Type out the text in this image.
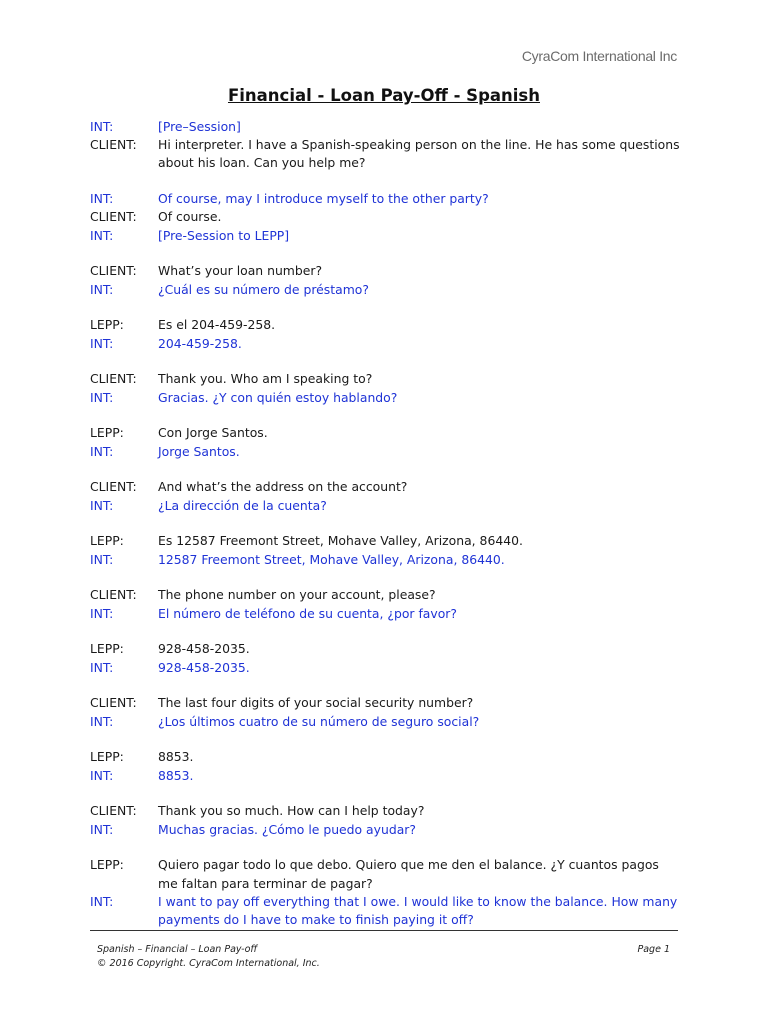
CyraCom International Inc
Financial - Loan Pay-Off - Spanish
INT:	[Pre–Session]
CLIENT:	Hi interpreter. I have a Spanish-speaking person on the line. He has some questions about his loan. Can you help me?
INT:	Of course, may I introduce myself to the other party?
CLIENT:	Of course.
INT:	[Pre-Session to LEPP]
CLIENT:	What’s your loan number?
INT:	¿Cuál es su número de préstamo?
LEPP:	Es el 204-459-258.
INT:	204-459-258.
CLIENT:	Thank you. Who am I speaking to?
INT:	Gracias. ¿Y con quién estoy hablando?
LEPP:	Con Jorge Santos.
INT:	Jorge Santos.
CLIENT:	And what’s the address on the account?
INT:	¿La dirección de la cuenta?
LEPP:	Es 12587 Freemont Street, Mohave Valley, Arizona, 86440.
INT:	12587 Freemont Street, Mohave Valley, Arizona, 86440.
CLIENT:	The phone number on your account, please?
INT:	El número de teléfono de su cuenta, ¿por favor?
LEPP:	928-458-2035.
INT:	928-458-2035.
CLIENT:	The last four digits of your social security number?
INT:	¿Los últimos cuatro de su número de seguro social?
LEPP:	8853.
INT:	8853.
CLIENT:	Thank you so much. How can I help today?
INT:	Muchas gracias. ¿Cómo le puedo ayudar?
LEPP:	Quiero pagar todo lo que debo. Quiero que me den el balance. ¿Y cuantos pagos me faltan para terminar de pagar?
INT:	I want to pay off everything that I owe. I would like to know the balance. How many payments do I have to make to finish paying it off?
Spanish – Financial – Loan Pay-off
© 2016 Copyright. CyraCom International, Inc.
Page 1
